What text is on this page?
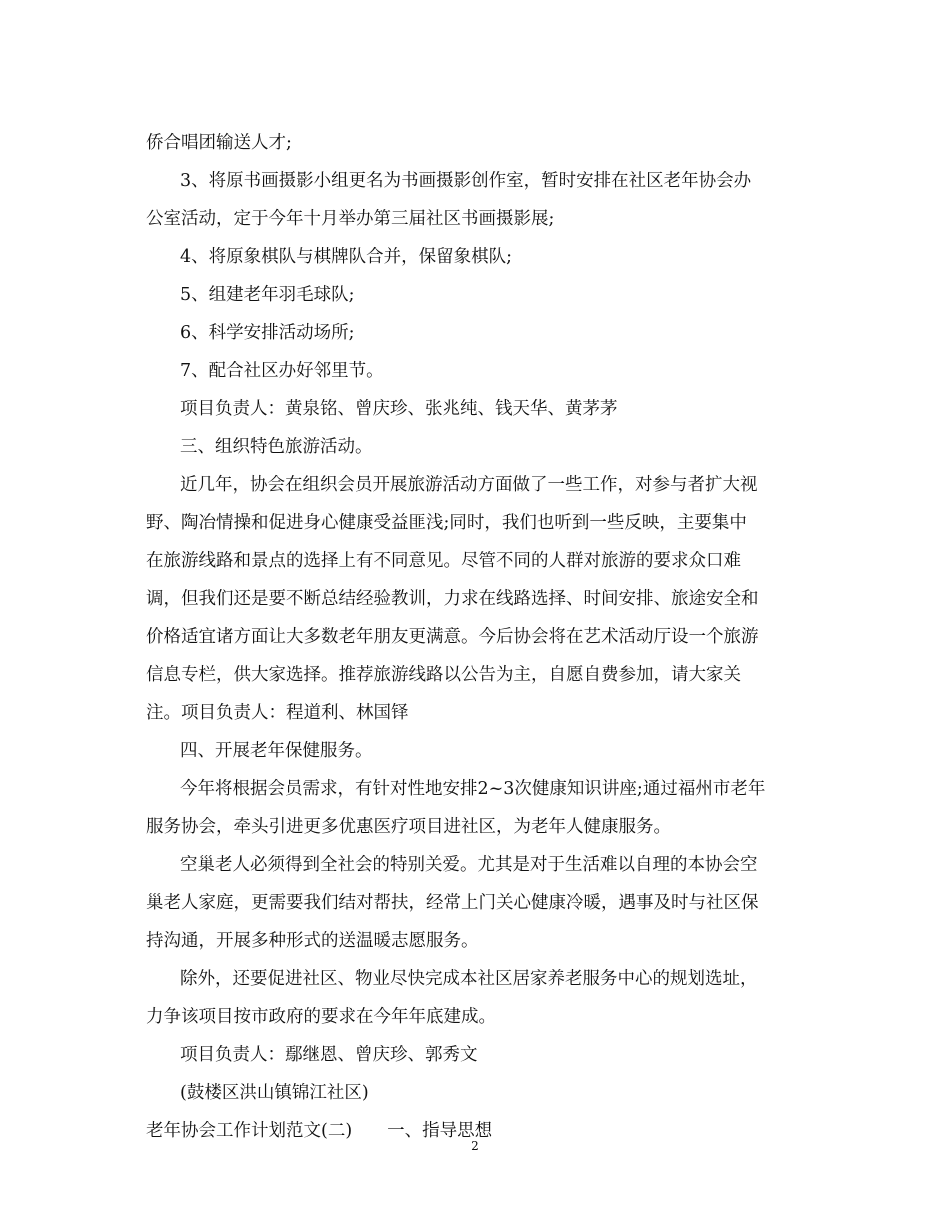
侨合唱团输送人才;

3、将原书画摄影小组更名为书画摄影创作室，暂时安排在社区老年协会办

公室活动，定于今年十月举办第三届社区书画摄影展;

4、将原象棋队与棋牌队合并，保留象棋队;

5、组建老年羽毛球队;

6、科学安排活动场所;

7、配合社区办好邻里节。

项目负责人：黄泉铭、曾庆珍、张兆纯、钱天华、黄茅茅

三、组织特色旅游活动。

近几年，协会在组织会员开展旅游活动方面做了一些工作，对参与者扩大视

野、陶冶情操和促进身心健康受益匪浅;同时，我们也听到一些反映，主要集中

在旅游线路和景点的选择上有不同意见。尽管不同的人群对旅游的要求众口难

调，但我们还是要不断总结经验教训，力求在线路选择、时间安排、旅途安全和

价格适宜诸方面让大多数老年朋友更满意。今后协会将在艺术活动厅设一个旅游

信息专栏，供大家选择。推荐旅游线路以公告为主，自愿自费参加，请大家关

注。项目负责人：程道利、林国铎

四、开展老年保健服务。

今年将根据会员需求，有针对性地安排2~3次健康知识讲座;通过福州市老年

服务协会，牵头引进更多优惠医疗项目进社区，为老年人健康服务。

空巢老人必须得到全社会的特别关爱。尤其是对于生活难以自理的本协会空

巢老人家庭，更需要我们结对帮扶，经常上门关心健康冷暖，遇事及时与社区保

持沟通，开展多种形式的送温暖志愿服务。

除外，还要促进社区、物业尽快完成本社区居家养老服务中心的规划选址，

力争该项目按市政府的要求在今年年底建成。

项目负责人：鄢继恩、曾庆珍、郭秀文

(鼓楼区洪山镇锦江社区)

老年协会工作计划范文(二)　　一、指导思想

2
